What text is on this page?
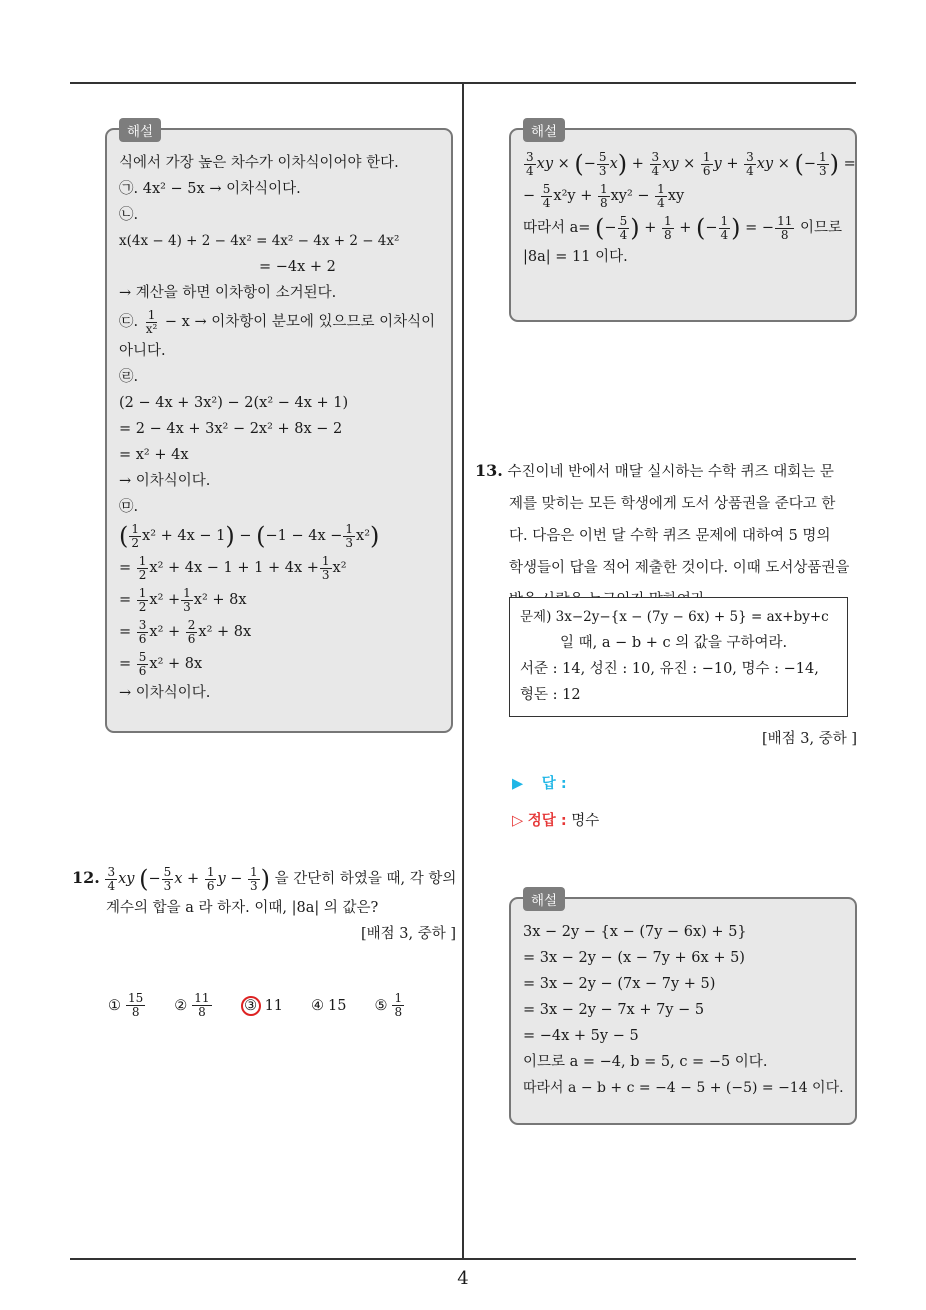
해설
식에서 가장 높은 차수가 이차식이어야 한다.
㉠. 4x² − 5x → 이차식이다.
㉡.
x(4x − 4) + 2 − 4x² = 4x² − 4x + 2 − 4x²
= −4x + 2
→ 계산을 하면 이차항이 소거된다.
㉢. $\frac{1}{\text{x²}} - x$ → 이차항이 분모에 있으므로 이차식이
아니다.
㉣.
(2 − 4x + 3x²) − 2(x² − 4x + 1)
= 2 − 4x + 3x² − 2x² + 8x − 2
= x² + 4x
→ 이차식이다.
㉤.
( $\frac{1}{2} x^2 + 4x - 1) - (-1 - 4x - \frac{1}{3} x^2)$
= $\frac{1}{2} x^2 + 4x - 1 + 1 + 4x + \frac{1}{3} x^2$
= $\frac{1}{2} x^2 + \frac{1}{3} x^2 + 8x$
= $\frac{3}{6} x^2 + \frac{2}{6} x^2 + 8x$
= $\frac{5}{6} x^2 + 8x$
→ 이차식이다.
12. $\frac{3}{4}$ xy (− $\frac{5}{3}$ $x + \frac{1}{6}$ $y - \frac{1}{3}$ ) 을 간단히 하였을 때, 각 항의
계수의 합을 a 라 하자. 이때, |8a| 의 값은?
[배점 3, 중하 ]
① $\frac{15}{8}$ ② $\frac{11}{8}$ ③ 11 ④ 15 ⑤ $\frac{1}{8}$
해설
$\frac{3}{4}$ xy × (− $\frac{5}{3} x) + \frac{3}{4}$ xy × $\frac{1}{6}$ $y + \frac{3}{4}$ xy × (− $\frac{1}{3}$ ) =
− $\frac{5}{4} x^2y + \frac{1}{8} xy^2 - \frac{1}{4}$ xy
따라서 a= (− $\frac{5}{4}$ ) + $\frac{1}{8}$ + (− $\frac{1}{4}$ ) = − $\frac{11}{8}$ 이므로
|8a| = 11 이다.
13. 수진이네 반에서 매달 실시하는 수학 퀴즈 대회는 문
제를 맞히는 모든 학생에게 도서 상품권을 준다고 한
다. 다음은 이번 달 수학 퀴즈 문제에 대하여 5 명의
학생들이 답을 적어 제출한 것이다. 이때 도서상품권을
문제) 3x−2y−{x − (7y − 6x) + 5} = ax+by+c
일 때, a − b + c 의 값을 구하여라.
서준 : 14, 성진 : 10, 유진 : −10, 명수 : −14,
형돈 : 12
[배점 3, 중하 ]
▶ 답 :
▷ 정답 : 명수
해설
3x − 2y − {x − (7y − 6x) + 5}
= 3x − 2y − (x − 7y + 6x + 5)
= 3x − 2y − (7x − 7y + 5)
= 3x − 2y − 7x + 7y − 5
= −4x + 5y − 5
이므로 a = −4, b = 5, c = −5 이다.
따라서 a − b + c = −4 − 5 + (−5) = −14 이다.
4
